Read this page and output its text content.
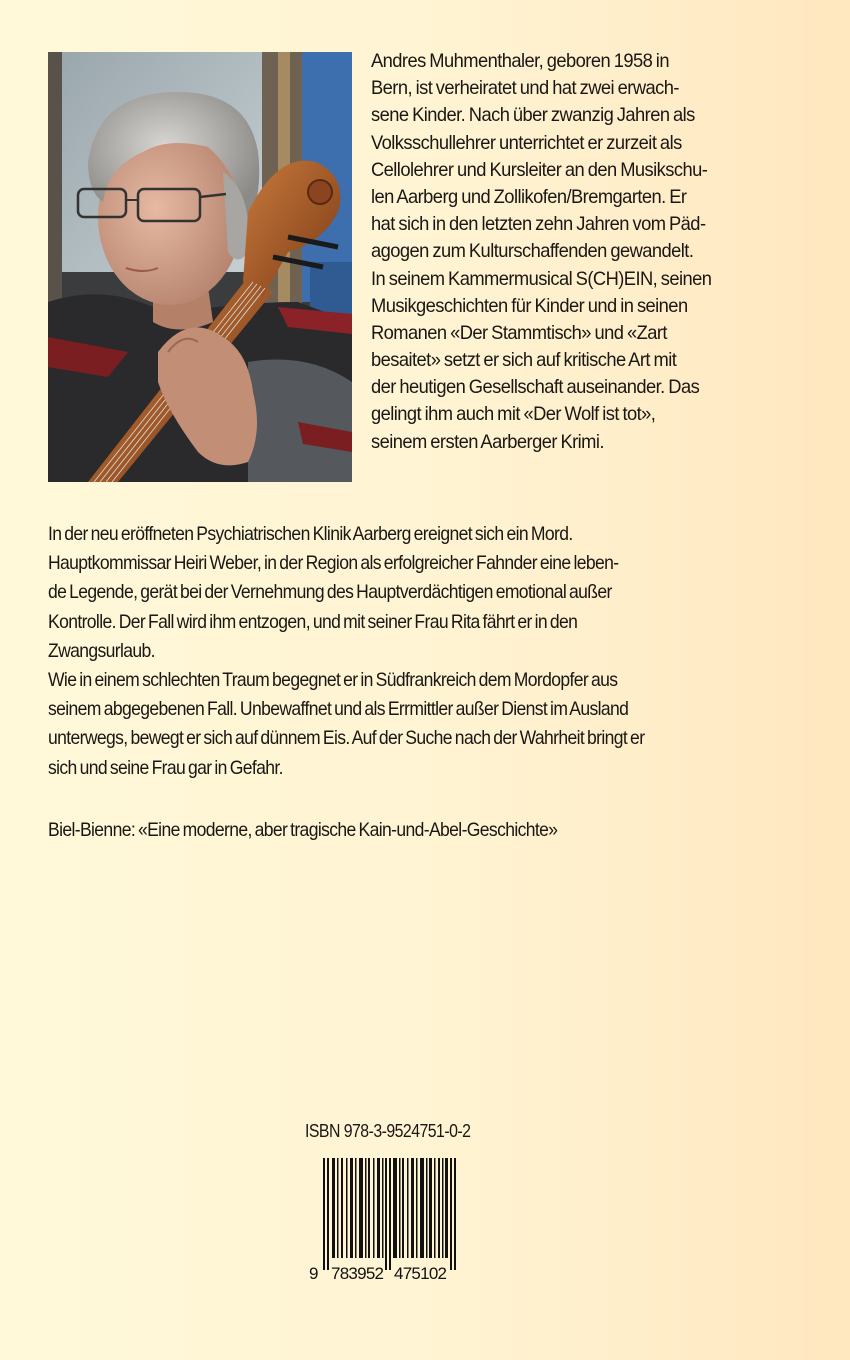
Andres Muhmenthaler, geboren 1958 in
Bern, ist verheiratet und hat zwei erwach-
sene Kinder. Nach über zwanzig Jahren als
Volksschullehrer unterrichtet er zurzeit als
Cellolehrer und Kursleiter an den Musikschu-
len Aarberg und Zollikofen/Bremgarten. Er
hat sich in den letzten zehn Jahren vom Päd-
agogen zum Kulturschaffenden gewandelt.
In seinem Kammermusical S(CH)EIN, seinen
Musikgeschichten für Kinder und in seinen
Romanen «Der Stammtisch» und «Zart
besaitet» setzt er sich auf kritische Art mit
der heutigen Gesellschaft auseinander. Das
gelingt ihm auch mit «Der Wolf ist tot»,
seinem ersten Aarberger Krimi.
In der neu eröffneten Psychiatrischen Klinik Aarberg ereignet sich ein Mord.
Hauptkommissar Heiri Weber, in der Region als erfolgreicher Fahnder eine leben-
de Legende, gerät bei der Vernehmung des Hauptverdächtigen emotional außer
Kontrolle. Der Fall wird ihm entzogen, und mit seiner Frau Rita fährt er in den
Zwangsurlaub.
Wie in einem schlechten Traum begegnet er in Südfrankreich dem Mordopfer aus
seinem abgegebenen Fall. Unbewaffnet und als Errmittler außer Dienst im Ausland
unterwegs, bewegt er sich auf dünnem Eis. Auf der Suche nach der Wahrheit bringt er
sich und seine Frau gar in Gefahr.
Biel-Bienne: «Eine moderne, aber tragische Kain-und-Abel-Geschichte»
ISBN 978-3-9524751-0-2
9 783952 475102
